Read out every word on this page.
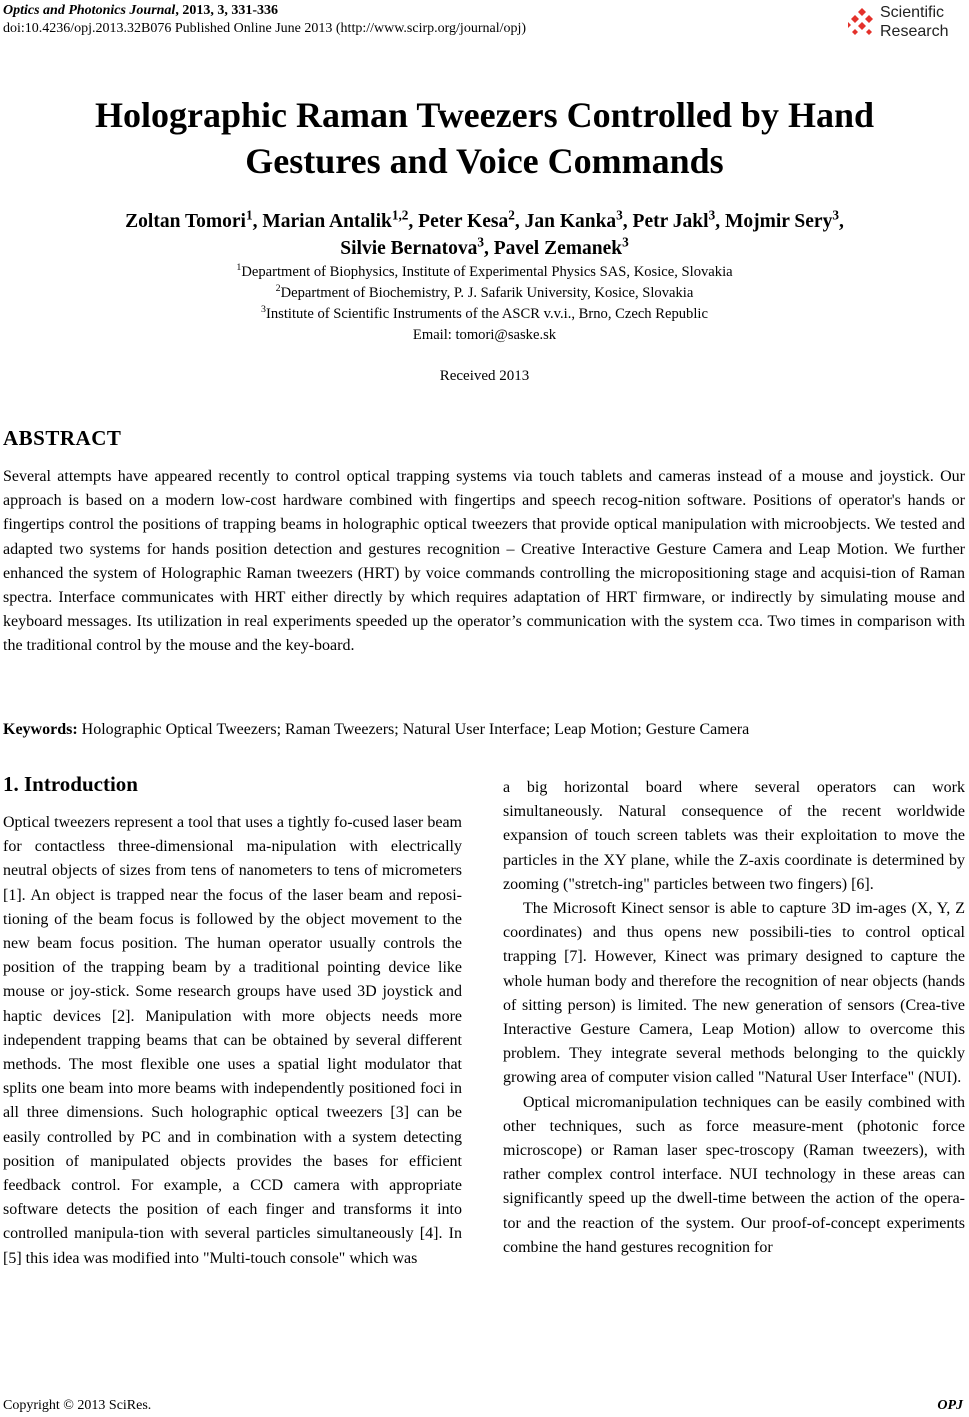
Optics and Photonics Journal, 2013, 3, 331-336
doi:10.4236/opj.2013.32B076 Published Online June 2013 (http://www.scirp.org/journal/opj)
Scientific
Research
Holographic Raman Tweezers Controlled by Hand
Gestures and Voice Commands
Zoltan Tomori$^1$, Marian Antalik$^{1,2}$, Peter Kesa$^2$, Jan Kanka$^3$, Petr Jakl$^3$, Mojmir Sery$^3$,
Silvie Bernatova$^3$, Pavel Zemanek$^3$
$^1$Department of Biophysics, Institute of Experimental Physics SAS, Kosice, Slovakia
$^2$Department of Biochemistry, P. J. Safarik University, Kosice, Slovakia
$^3$Institute of Scientific Instruments of the ASCR v.v.i., Brno, Czech Republic
Email: tomori@saske.sk
Received 2013
ABSTRACT

Several attempts have appeared recently to control optical trapping systems via touch tablets and cameras instead of a mouse and joystick. Our approach is based on a modern low-cost hardware combined with fingertips and speech recog-nition software. Positions of operator's hands or fingertips control the positions of trapping beams in holographic optical tweezers that provide optical manipulation with microobjects. We tested and adapted two systems for hands position detection and gestures recognition – Creative Interactive Gesture Camera and Leap Motion. We further enhanced the system of Holographic Raman tweezers (HRT) by voice commands controlling the micropositioning stage and acquisi-tion of Raman spectra. Interface communicates with HRT either directly by which requires adaptation of HRT firmware, or indirectly by simulating mouse and keyboard messages. Its utilization in real experiments speeded up the operator’s communication with the system cca. Two times in comparison with the traditional control by the mouse and the key-board.

Keywords: Holographic Optical Tweezers; Raman Tweezers; Natural User Interface; Leap Motion; Gesture Camera

1. Introduction

Optical tweezers represent a tool that uses a tightly fo-cused laser beam for contactless three-dimensional ma-nipulation with electrically neutral objects of sizes from tens of nanometers to tens of micrometers [1]. An object is trapped near the focus of the laser beam and reposi-tioning of the beam focus is followed by the object movement to the new beam focus position. The human operator usually controls the position of the trapping beam by a traditional pointing device like mouse or joy-stick. Some research groups have used 3D joystick and haptic devices [2]. Manipulation with more objects needs more independent trapping beams that can be obtained by several different methods. The most flexible one uses a spatial light modulator that splits one beam into more beams with independently positioned foci in all three dimensions. Such holographic optical tweezers [3] can be easily controlled by PC and in combination with a system detecting position of manipulated objects provides the bases for efficient feedback control. For example, a CCD camera with appropriate software detects the position of each finger and transforms it into controlled manipula-tion with several particles simultaneously [4]. In [5] this idea was modified into "Multi-touch console" which was

a big horizontal board where several operators can work simultaneously. Natural consequence of the recent worldwide expansion of touch screen tablets was their exploitation to move the particles in the XY plane, while the Z-axis coordinate is determined by zooming ("stretch-ing" particles between two fingers) [6].

The Microsoft Kinect sensor is able to capture 3D im-ages (X, Y, Z coordinates) and thus opens new possibili-ties to control optical trapping [7]. However, Kinect was primary designed to capture the whole human body and therefore the recognition of near objects (hands of sitting person) is limited. The new generation of sensors (Crea-tive Interactive Gesture Camera, Leap Motion) allow to overcome this problem. They integrate several methods belonging to the quickly growing area of computer vision called "Natural User Interface" (NUI).

Optical micromanipulation techniques can be easily combined with other techniques, such as force measure-ment (photonic force microscope) or Raman laser spec-troscopy (Raman tweezers), with rather complex control interface. NUI technology in these areas can significantly speed up the dwell-time between the action of the opera-tor and the reaction of the system. Our proof-of-concept experiments combine the hand gestures recognition for

Copyright © 2013 SciRes.	OPJ
